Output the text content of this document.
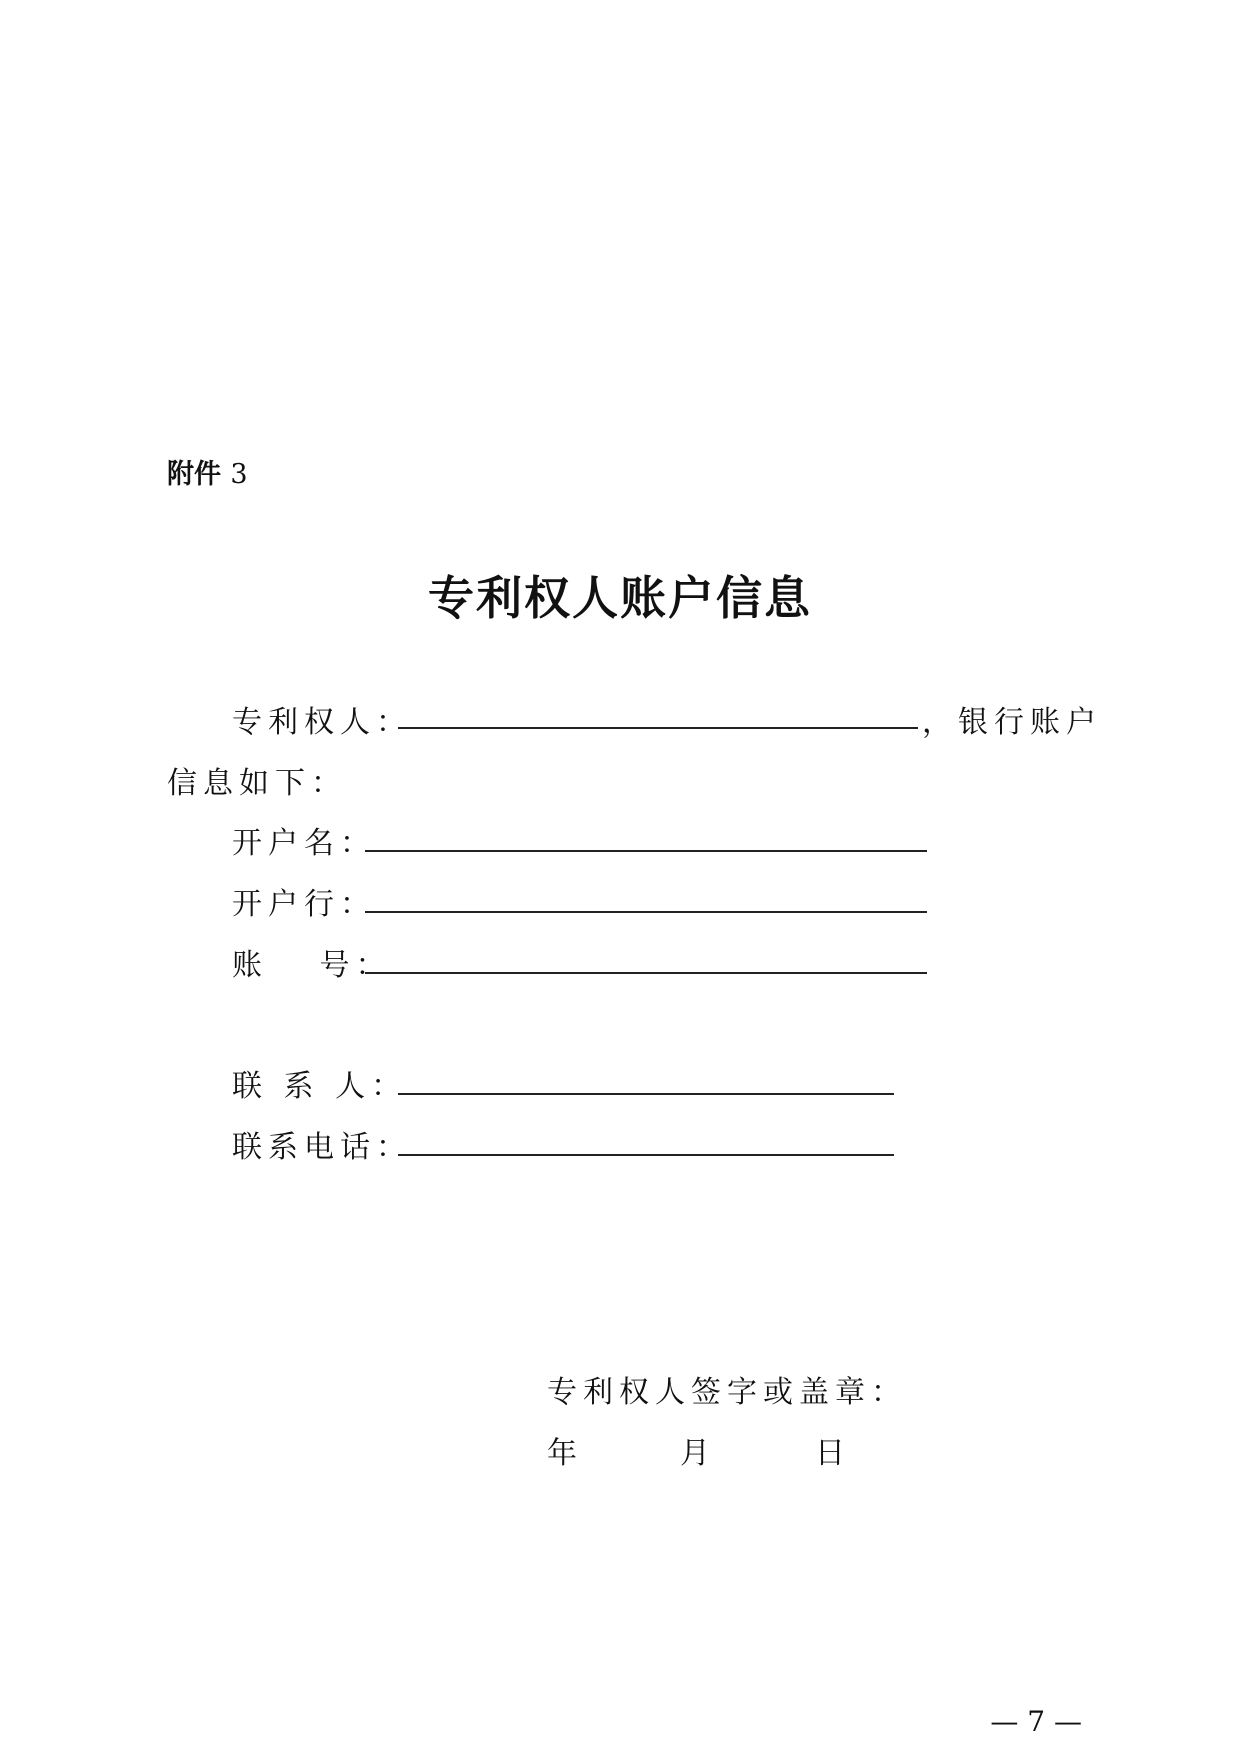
附件 3
专利权人账户信息
专利权人：	，银行账户
信息如下：
开户名：
开户行：
账　 号：
联 系 人：
联系电话：
专利权人签字或盖章：
年	月	日
— 7 —
